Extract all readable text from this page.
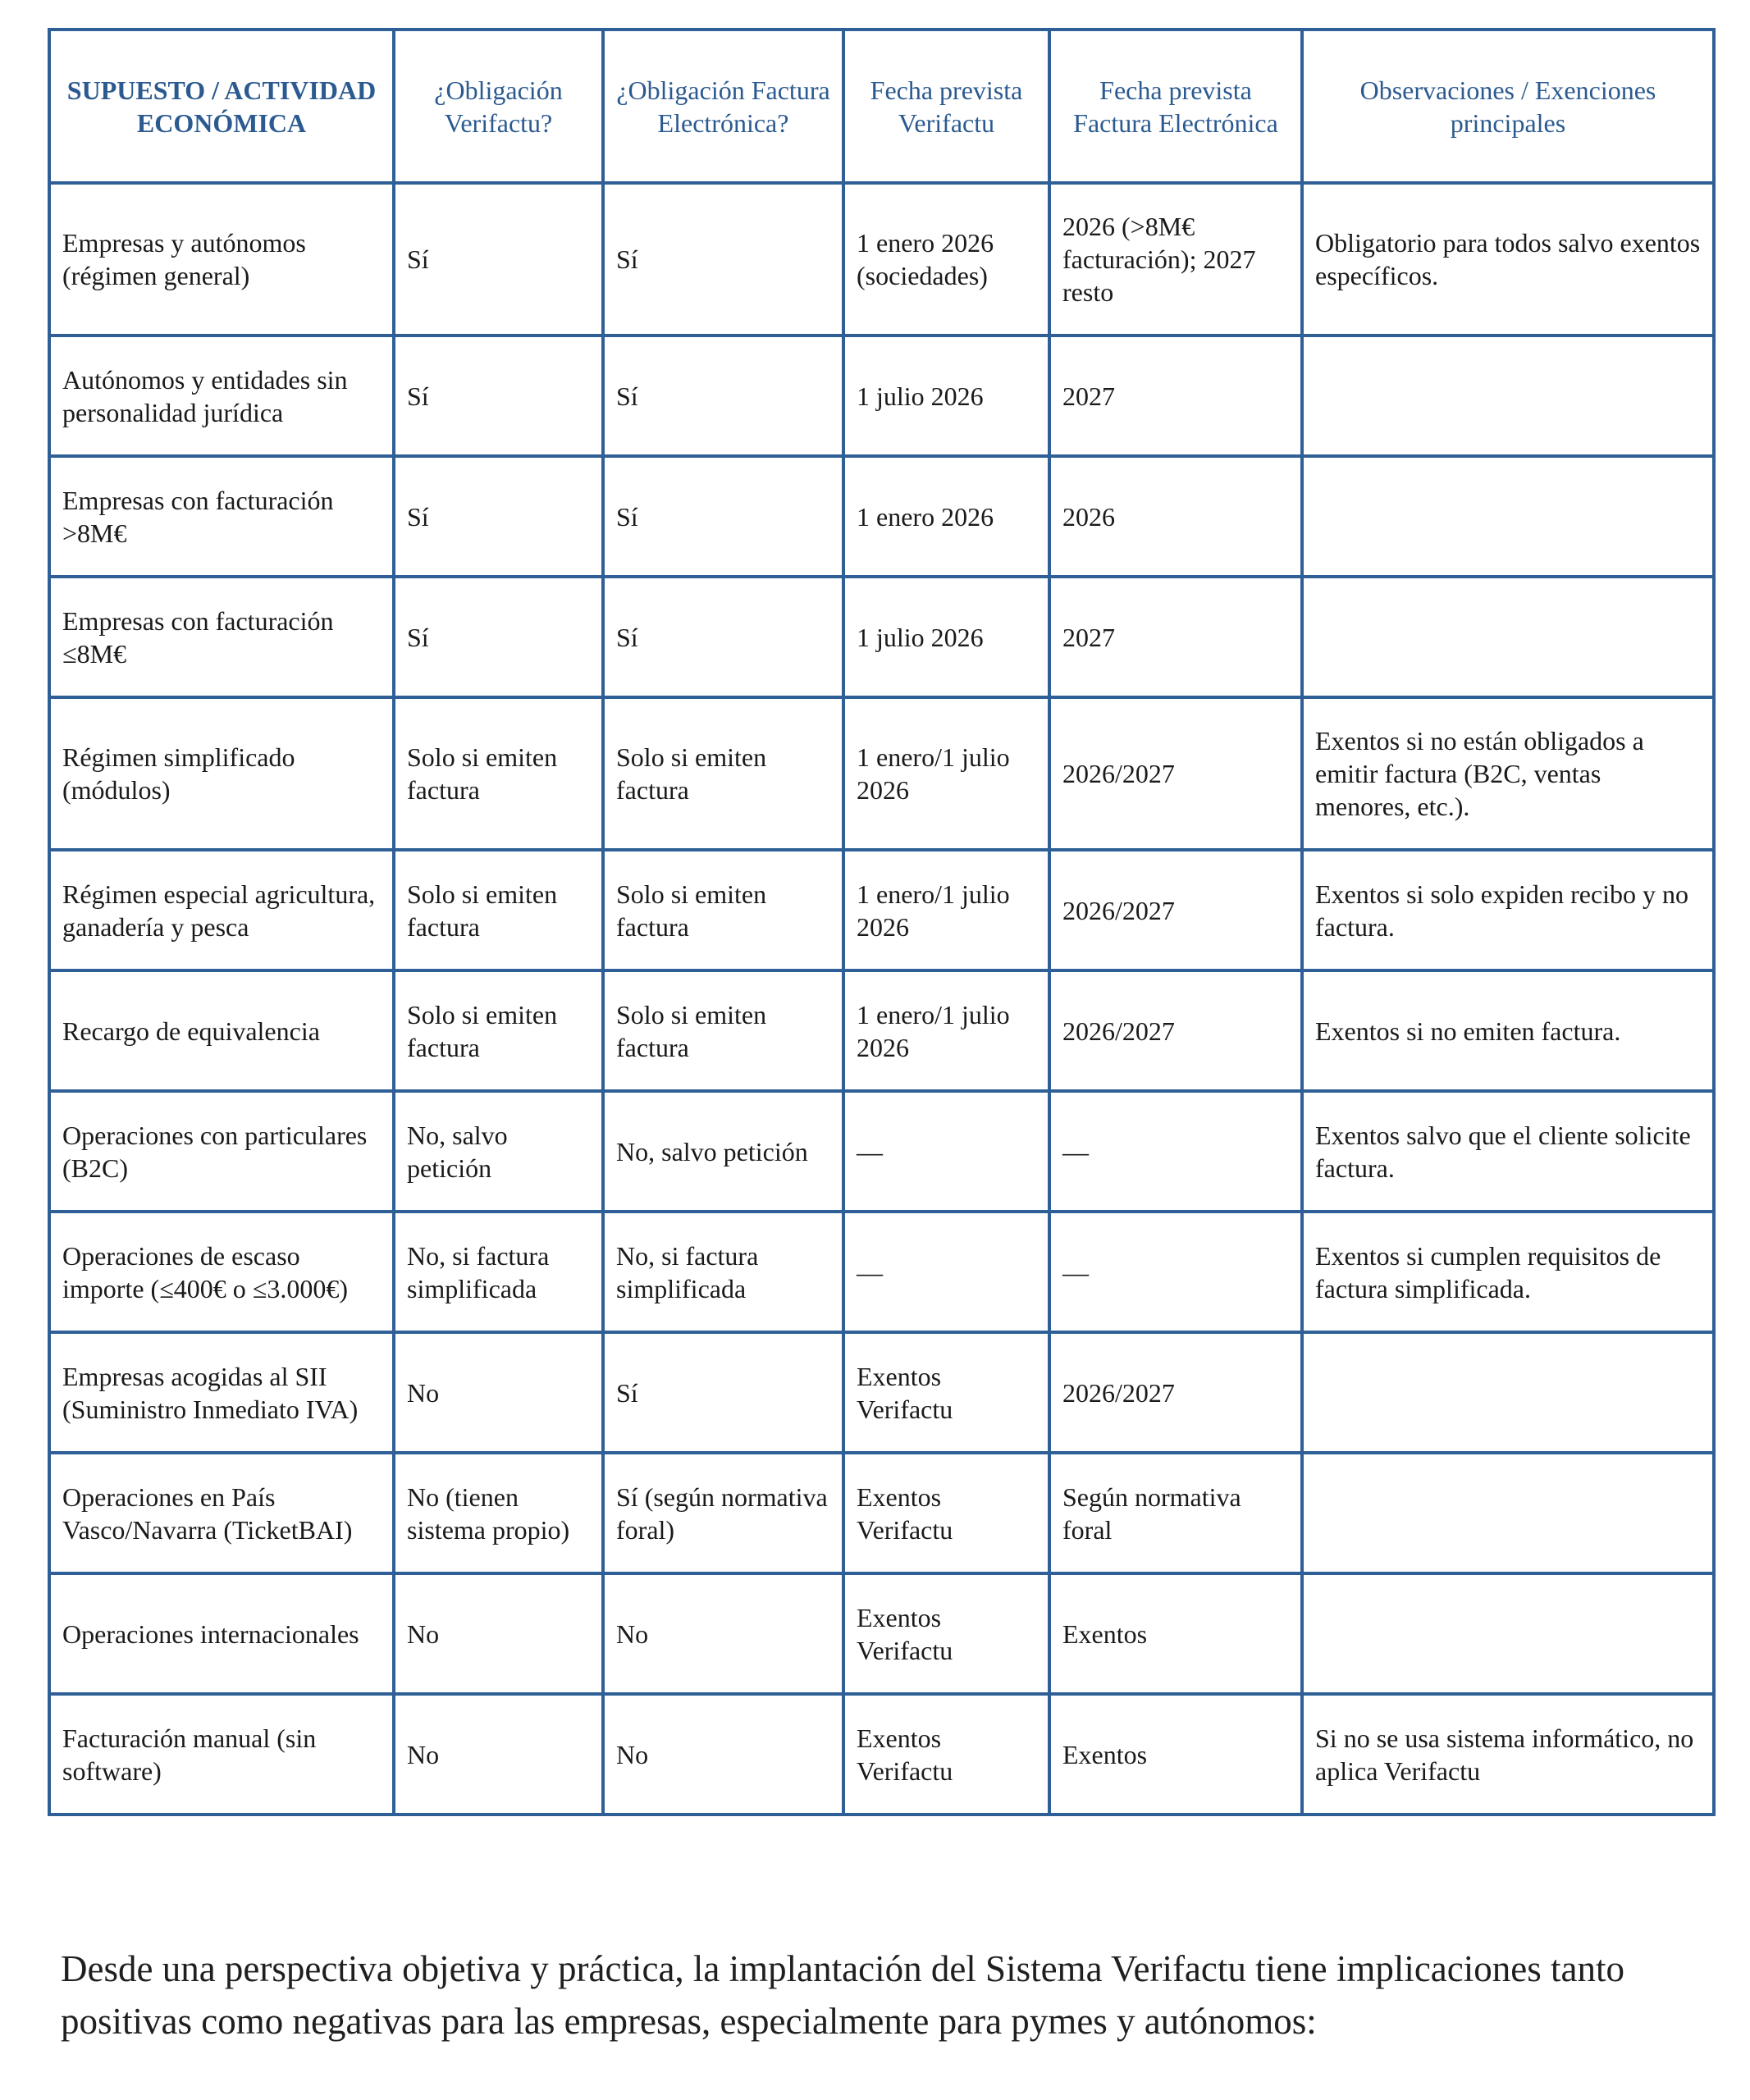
SUPUESTO / ACTIVIDAD ECONÓMICA	¿Obligación Verifactu?	¿Obligación Factura Electrónica?	Fecha prevista Verifactu	Fecha prevista Factura Electrónica	Observaciones / Exenciones principales
Empresas y autónomos (régimen general)	Sí	Sí	1 enero 2026 (sociedades)	2026 (>8M€ facturación); 2027 resto	Obligatorio para todos salvo exentos específicos.
Autónomos y entidades sin personalidad jurídica	Sí	Sí	1 julio 2026	2027	
Empresas con facturación >8M€	Sí	Sí	1 enero 2026	2026	
Empresas con facturación ≤8M€	Sí	Sí	1 julio 2026	2027	
Régimen simplificado (módulos)	Solo si emiten factura	Solo si emiten factura	1 enero/1 julio 2026	2026/2027	Exentos si no están obligados a emitir factura (B2C, ventas menores, etc.).
Régimen especial agricultura, ganadería y pesca	Solo si emiten factura	Solo si emiten factura	1 enero/1 julio 2026	2026/2027	Exentos si solo expiden recibo y no factura.
Recargo de equivalencia	Solo si emiten factura	Solo si emiten factura	1 enero/1 julio 2026	2026/2027	Exentos si no emiten factura.
Operaciones con particulares (B2C)	No, salvo petición	No, salvo petición	—	—	Exentos salvo que el cliente solicite factura.
Operaciones de escaso importe (≤400€ o ≤3.000€)	No, si factura simplificada	No, si factura simplificada	—	—	Exentos si cumplen requisitos de factura simplificada.
Empresas acogidas al SII (Suministro Inmediato IVA)	No	Sí	Exentos Verifactu	2026/2027	
Operaciones en País Vasco/Navarra (TicketBAI)	No (tienen sistema propio)	Sí (según normativa foral)	Exentos Verifactu	Según normativa foral	
Operaciones internacionales	No	No	Exentos Verifactu	Exentos	
Facturación manual (sin software)	No	No	Exentos Verifactu	Exentos	Si no se usa sistema informático, no aplica Verifactu

Desde una perspectiva objetiva y práctica, la implantación del Sistema Verifactu tiene implicaciones tanto positivas como negativas para las empresas, especialmente para pymes y autónomos:
